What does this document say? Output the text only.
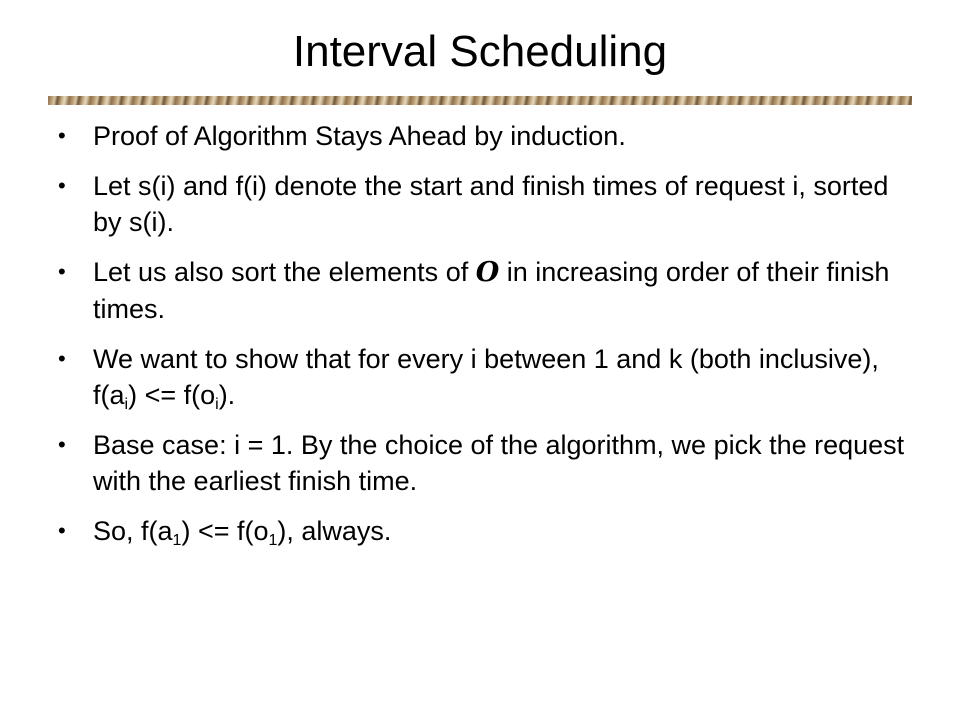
Interval Scheduling
•	Proof of Algorithm Stays Ahead by induction.
•	Let s(i) and f(i) denote the start and finish times of request i, sorted by s(i).
•	Let us also sort the elements of O in increasing order of their finish times.
•	We want to show that for every i between 1 and k (both inclusive), $f(a_i) <= f(o_i)$.
•	Base case: i = 1. By the choice of the algorithm, we pick the request with the earliest finish time.
•	So, $f(a_1) <= f(o_1)$, always.
